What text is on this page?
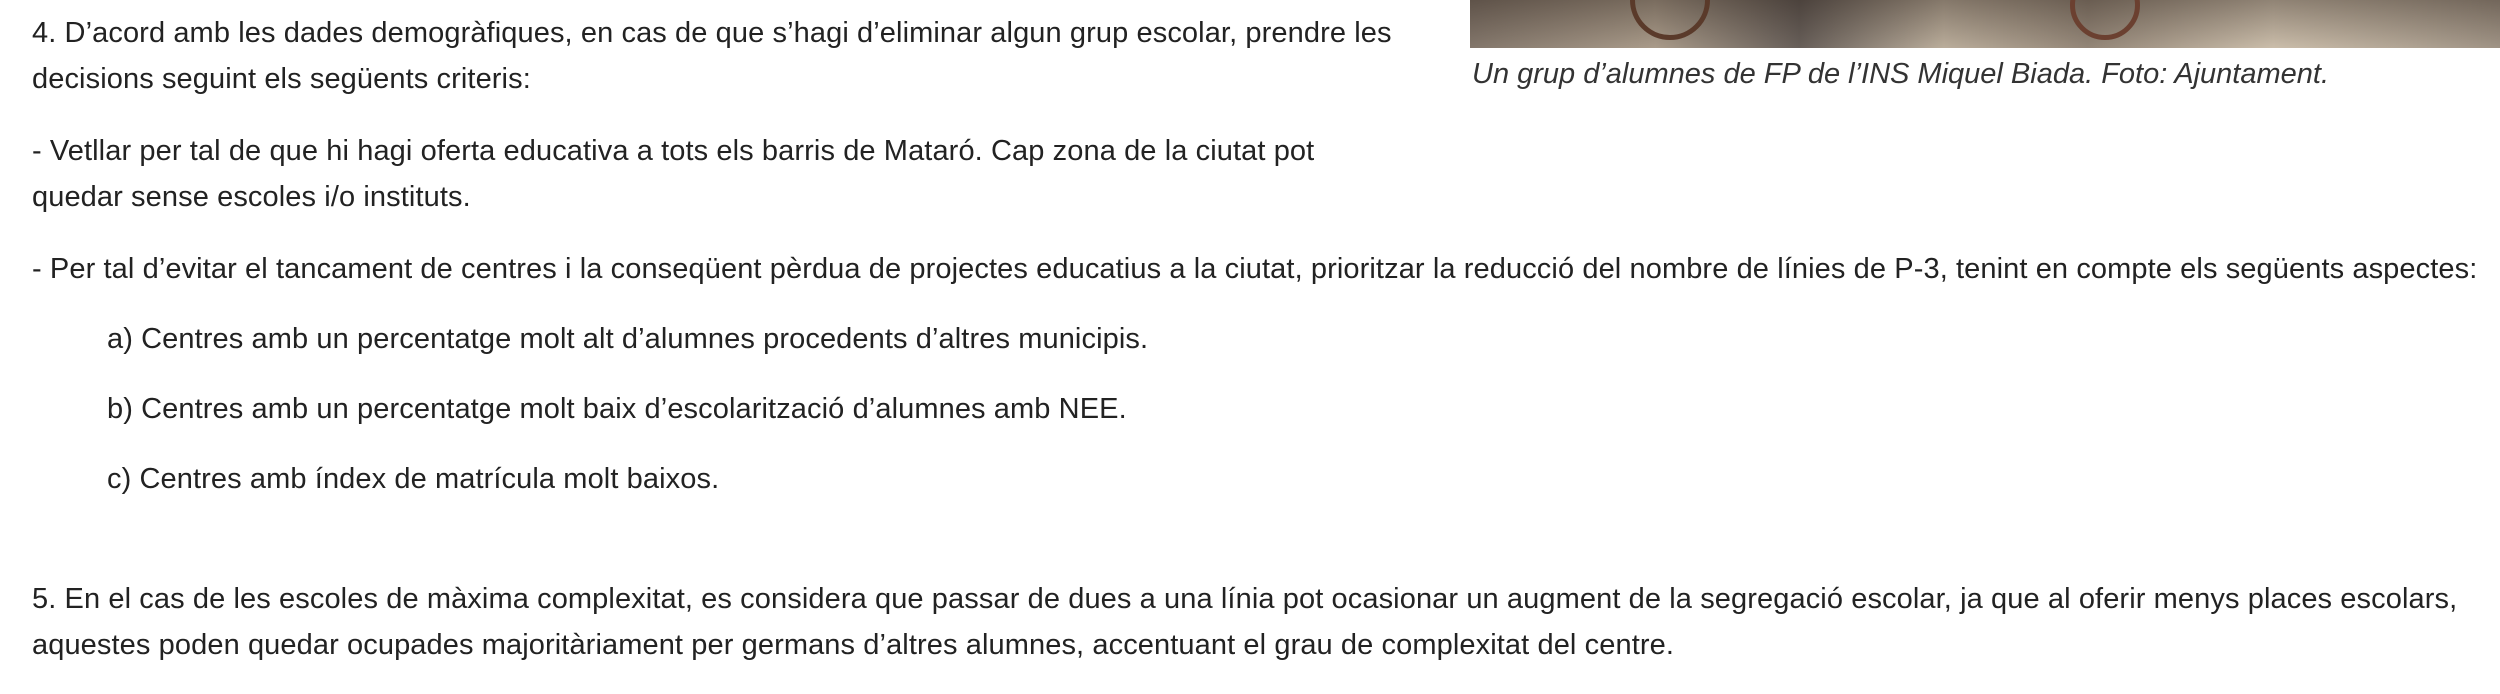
Un grup d’alumnes de FP de l’INS Miquel Biada. Foto: Ajuntament.

4. D’acord amb les dades demogràfiques, en cas de que s’hagi d’eliminar algun grup escolar, prendre les decisions seguint els següents criteris:

- Vetllar per tal de que hi hagi oferta educativa a tots els barris de Mataró. Cap zona de la ciutat pot quedar sense escoles i/o instituts.

- Per tal d’evitar el tancament de centres i la conseqüent pèrdua de projectes educatius a la ciutat, prioritzar la reducció del nombre de línies de P-3, tenint en compte els següents aspectes:

a) Centres amb un percentatge molt alt d’alumnes procedents d’altres municipis.

b) Centres amb un percentatge molt baix d’escolarització d’alumnes amb NEE.

c) Centres amb índex de matrícula molt baixos.

5. En el cas de les escoles de màxima complexitat, es considera que passar de dues a una línia pot ocasionar un augment de la segregació escolar, ja que al oferir menys places escolars, aquestes poden quedar ocupades majoritàriament per germans d’altres alumnes, accentuant el grau de complexitat del centre.
